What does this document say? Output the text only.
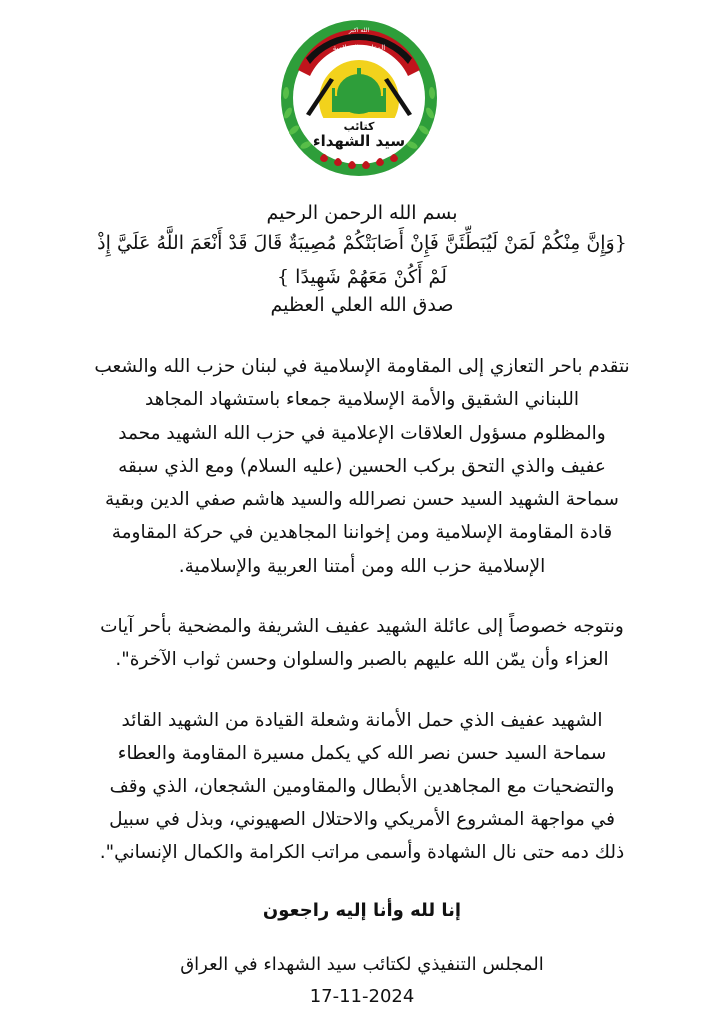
كتائب
سيد الشهداء
الله اكبر
المقاومة الاسلامية

بسم الله الرحمن الرحيم

{وَإِنَّ مِنْكُمْ لَمَنْ لَيُبَطِّئَنَّ فَإِنْ أَصَابَتْكُمْ مُصِيبَةٌ قَالَ قَدْ أَنْعَمَ اللَّهُ عَلَيَّ إِذْ
لَمْ أَكُنْ مَعَهُمْ شَهِيدًا }

صدق الله العلي العظيم

نتقدم باحر التعازي إلى المقاومة الإسلامية في لبنان حزب الله والشعب
اللبناني الشقيق والأمة الإسلامية جمعاء باستشهاد المجاهد
والمظلوم مسؤول العلاقات الإعلامية في حزب الله الشهيد محمد
عفيف والذي التحق بركب الحسين (عليه السلام) ومع الذي سبقه
سماحة الشهيد السيد حسن نصرالله والسيد هاشم صفي الدين وبقية
قادة المقاومة الإسلامية ومن إخواننا المجاهدين في حركة المقاومة
الإسلامية حزب الله ومن أمتنا العربية والإسلامية.

ونتوجه خصوصاً إلى عائلة الشهيد عفيف الشريفة والمضحية بأحر آيات
العزاء وأن يمّن الله عليهم بالصبر والسلوان وحسن ثواب الآخرة".

الشهيد عفيف الذي حمل الأمانة وشعلة القيادة من الشهيد القائد
سماحة السيد حسن نصر الله كي يكمل مسيرة المقاومة والعطاء
والتضحيات مع المجاهدين الأبطال والمقاومين الشجعان، الذي وقف
في مواجهة المشروع الأمريكي والاحتلال الصهيوني، وبذل في سبيل
ذلك دمه حتى نال الشهادة وأسمى مراتب الكرامة والكمال الإنساني".

إنا لله وأنا إليه راجعون

المجلس التنفيذي لكتائب سيد الشهداء في العراق

17-11-2024
